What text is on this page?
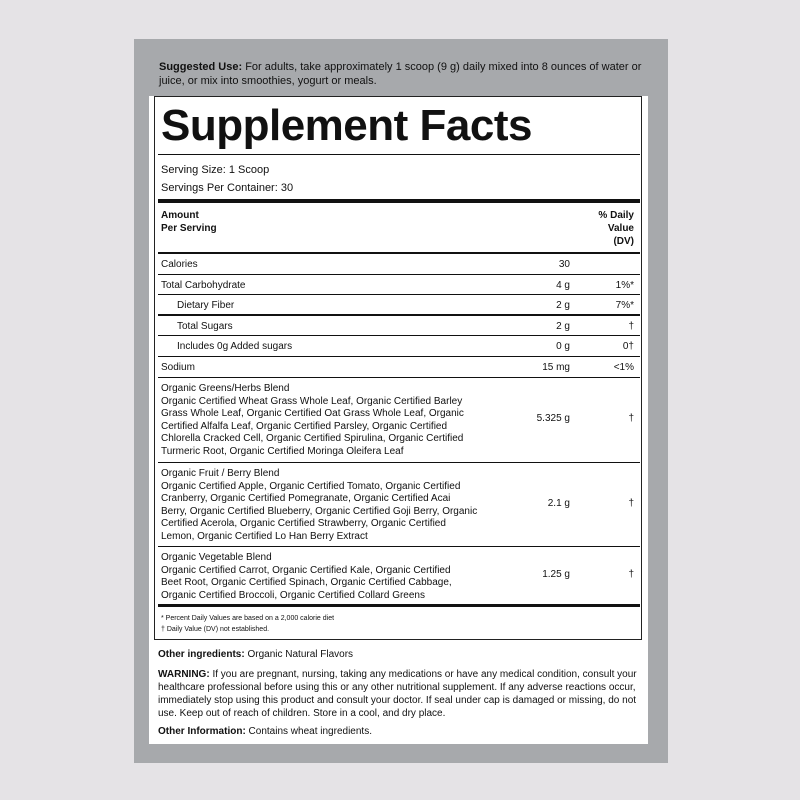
Suggested Use: For adults, take approximately 1 scoop (9 g) daily mixed into 8 ounces of water or juice, or mix into smoothies, yogurt or meals.
Supplement Facts
Serving Size: 1 Scoop
Servings Per Container: 30
Amount
Per Serving
% Daily
Value
(DV)
Calories	30
Total Carbohydrate	4 g	1%*
Dietary Fiber	2 g	7%*
Total Sugars	2 g	†
Includes 0g Added sugars	0 g	0†
Sodium	15 mg	<1%
Organic Greens/Herbs Blend
Organic Certified Wheat Grass Whole Leaf, Organic Certified Barley Grass Whole Leaf, Organic Certified Oat Grass Whole Leaf, Organic Certified Alfalfa Leaf, Organic Certified Parsley, Organic Certified Chlorella Cracked Cell, Organic Certified Spirulina, Organic Certified Turmeric Root, Organic Certified Moringa Oleifera Leaf
5.325 g	†
Organic Fruit / Berry Blend
Organic Certified Apple, Organic Certified Tomato, Organic Certified Cranberry, Organic Certified Pomegranate, Organic Certified Acai Berry, Organic Certified Blueberry, Organic Certified Goji Berry, Organic Certified Acerola, Organic Certified Strawberry, Organic Certified Lemon, Organic Certified Lo Han Berry Extract
2.1 g	†
Organic Vegetable Blend
Organic Certified Carrot, Organic Certified Kale, Organic Certified Beet Root, Organic Certified Spinach, Organic Certified Cabbage, Organic Certified Broccoli, Organic Certified Collard Greens
1.25 g	†
* Percent Daily Values are based on a 2,000 calorie diet
† Daily Value (DV) not established.
Other ingredients: Organic Natural Flavors
WARNING: If you are pregnant, nursing, taking any medications or have any medical condition, consult your healthcare professional before using this or any other nutritional supplement. If any adverse reactions occur, immediately stop using this product and consult your doctor. If seal under cap is damaged or missing, do not use. Keep out of reach of children. Store in a cool, and dry place.
Other Information: Contains wheat ingredients.
